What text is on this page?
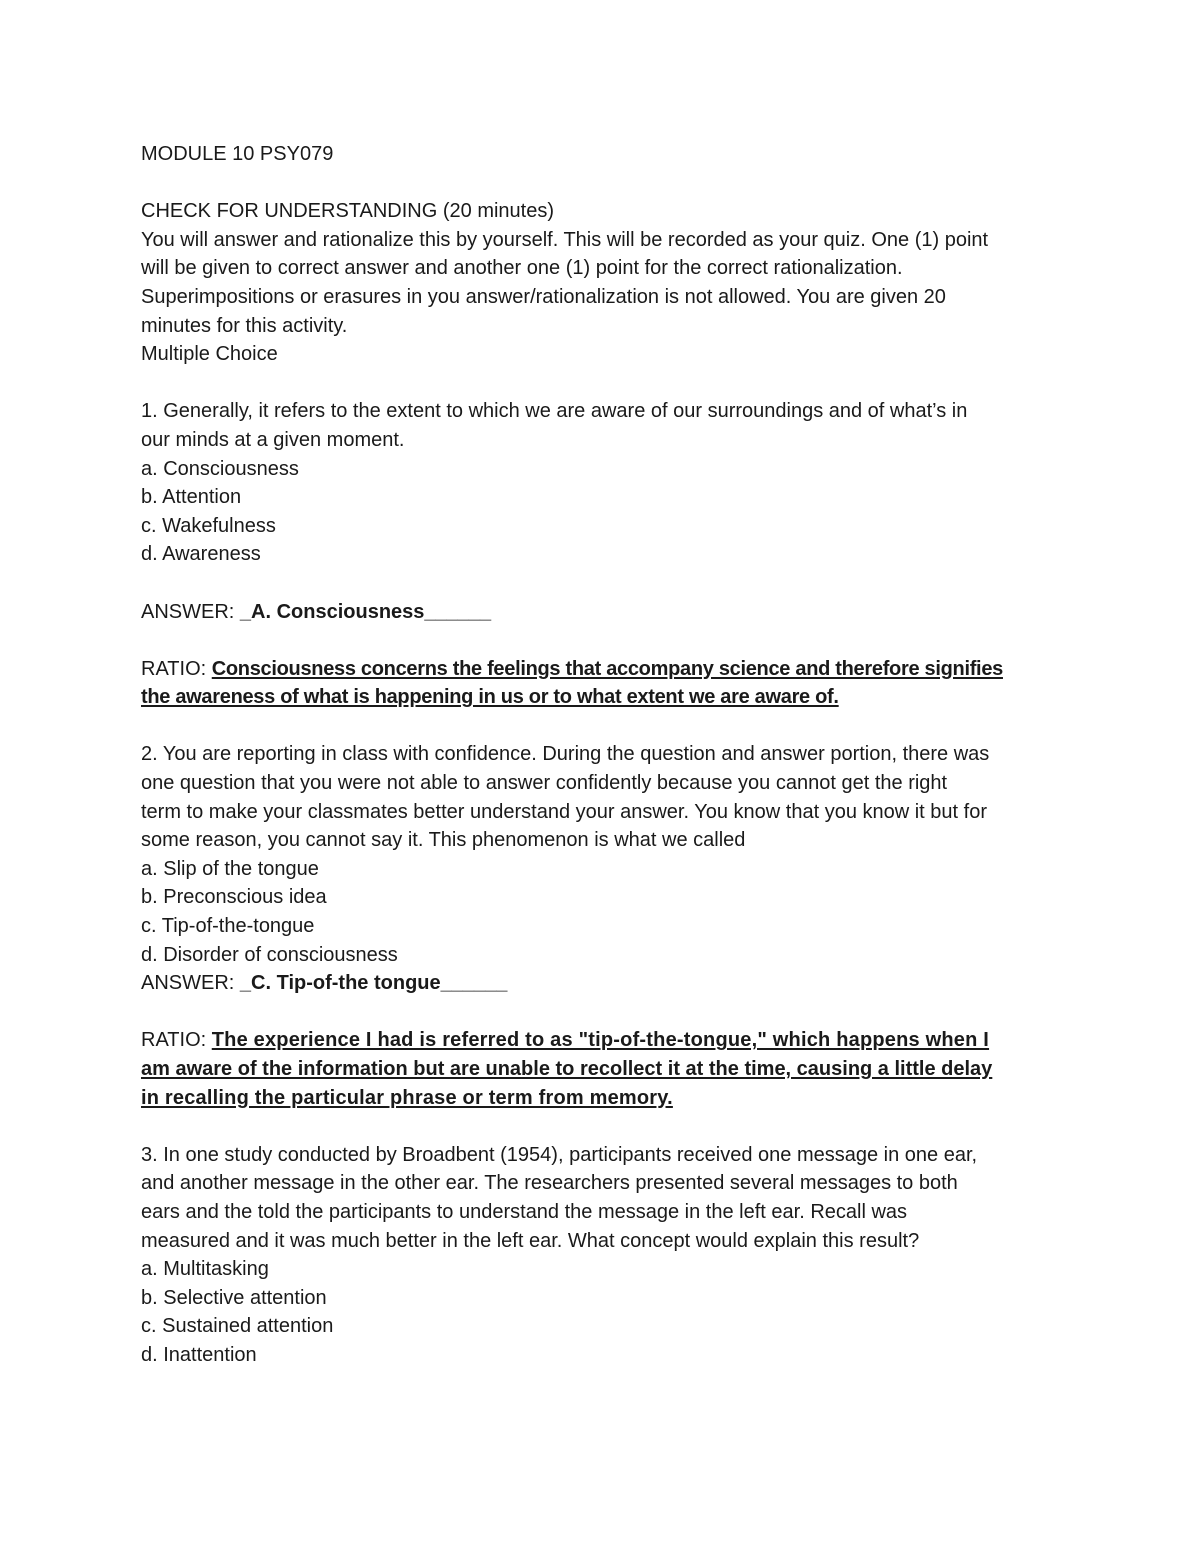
MODULE 10 PSY079
CHECK FOR UNDERSTANDING (20 minutes)
You will answer and rationalize this by yourself. This will be recorded as your quiz. One (1) point
will be given to correct answer and another one (1) point for the correct rationalization.
Superimpositions or erasures in you answer/rationalization is not allowed. You are given 20
minutes for this activity.
Multiple Choice
1. Generally, it refers to the extent to which we are aware of our surroundings and of what’s in
our minds at a given moment.
a. Consciousness
b. Attention
c. Wakefulness
d. Awareness
ANSWER: _A. Consciousness______
RATIO: Consciousness concerns the feelings that accompany science and therefore signifies
the awareness of what is happening in us or to what extent we are aware of.
2. You are reporting in class with confidence. During the question and answer portion, there was
one question that you were not able to answer confidently because you cannot get the right
term to make your classmates better understand your answer. You know that you know it but for
some reason, you cannot say it. This phenomenon is what we called
a. Slip of the tongue
b. Preconscious idea
c. Tip-of-the-tongue
d. Disorder of consciousness
ANSWER: _C. Tip-of-the tongue______
RATIO: The experience I had is referred to as "tip-of-the-tongue," which happens when I
am aware of the information but are unable to recollect it at the time, causing a little delay
in recalling the particular phrase or term from memory.
3. In one study conducted by Broadbent (1954), participants received one message in one ear,
and another message in the other ear. The researchers presented several messages to both
ears and the told the participants to understand the message in the left ear. Recall was
measured and it was much better in the left ear. What concept would explain this result?
a. Multitasking
b. Selective attention
c. Sustained attention
d. Inattention
